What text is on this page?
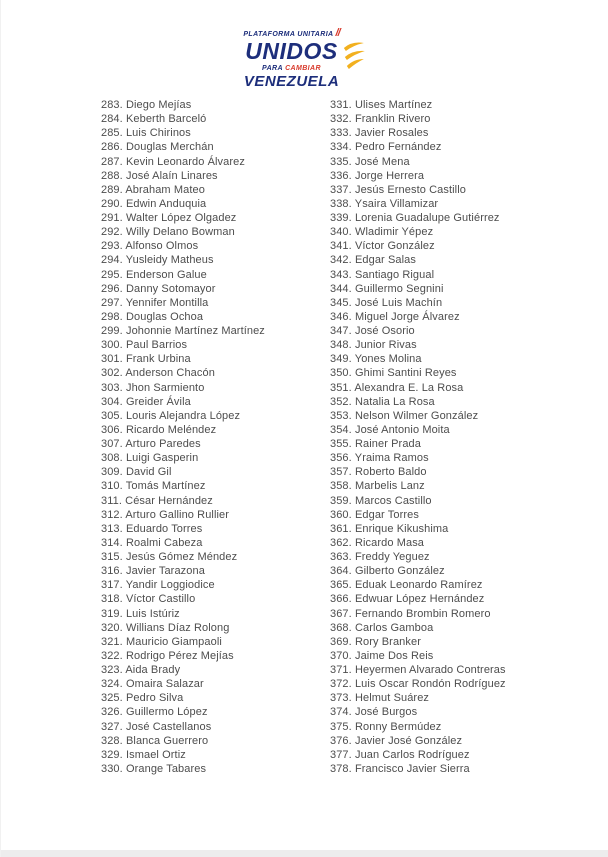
PLATAFORMA UNITARIA //
UNIDOS
PARA CAMBIAR
VENEZUELA
283. Diego Mejías
284. Keberth Barceló
285. Luis Chirinos
286. Douglas Merchán
287. Kevin Leonardo Álvarez
288. José Alaín Linares
289. Abraham Mateo
290. Edwin Anduquia
291. Walter López Olgadez
292. Willy Delano Bowman
293. Alfonso Olmos
294. Yusleidy Matheus
295. Enderson Galue
296. Danny Sotomayor
297. Yennifer Montilla
298. Douglas Ochoa
299. Johonnie Martínez Martínez
300. Paul Barrios
301. Frank Urbina
302. Anderson Chacón
303. Jhon Sarmiento
304. Greider Ávila
305. Louris Alejandra López
306. Ricardo Meléndez
307. Arturo Paredes
308. Luigi Gasperin
309. David Gil
310. Tomás Martínez
311. César Hernández
312. Arturo Gallino Rullier
313. Eduardo Torres
314. Roalmi Cabeza
315. Jesús Gómez Méndez
316. Javier Tarazona
317. Yandir Loggiodice
318. Víctor Castillo
319. Luis Istúriz
320. Willians Díaz Rolong
321. Mauricio Giampaoli
322. Rodrigo Pérez Mejías
323. Aida Brady
324. Omaira Salazar
325. Pedro Silva
326. Guillermo López
327. José Castellanos
328. Blanca Guerrero
329. Ismael Ortiz
330. Orange Tabares
331. Ulises Martínez
332. Franklin Rivero
333. Javier Rosales
334. Pedro Fernández
335. José Mena
336. Jorge Herrera
337. Jesús Ernesto Castillo
338. Ysaira Villamizar
339. Lorenia Guadalupe Gutiérrez
340. Wladimir Yépez
341. Víctor González
342. Edgar Salas
343. Santiago Rigual
344. Guillermo Segnini
345. José Luis Machín
346. Miguel Jorge Álvarez
347. José Osorio
348. Junior Rivas
349. Yones Molina
350. Ghimi Santini Reyes
351. Alexandra E. La Rosa
352. Natalia La Rosa
353. Nelson Wilmer González
354. José Antonio Moita
355. Rainer Prada
356. Yraima Ramos
357. Roberto Baldo
358. Marbelis Lanz
359. Marcos Castillo
360. Edgar Torres
361. Enrique Kikushima
362. Ricardo Masa
363. Freddy Yeguez
364. Gilberto González
365. Eduak Leonardo Ramírez
366. Edwuar López Hernández
367. Fernando Brombin Romero
368. Carlos Gamboa
369. Rory Branker
370. Jaime Dos Reis
371. Heyermen Alvarado Contreras
372. Luis Oscar Rondón Rodríguez
373. Helmut Suárez
374. José Burgos
375. Ronny Bermúdez
376. Javier José González
377. Juan Carlos Rodríguez
378. Francisco Javier Sierra
